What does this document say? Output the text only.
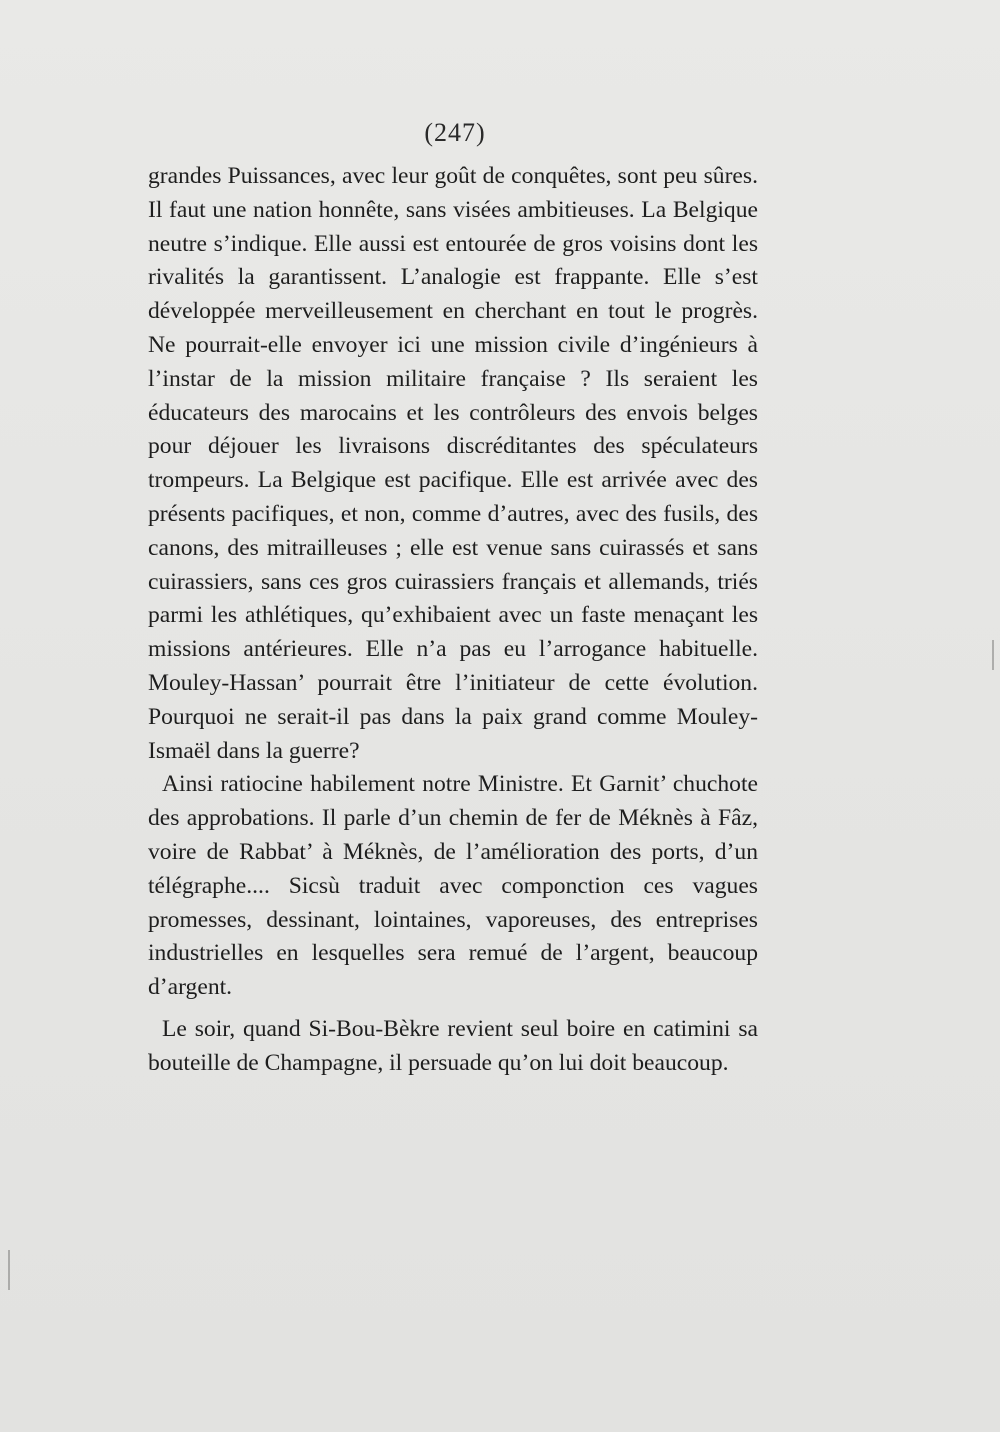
(247)

grandes Puissances, avec leur goût de conquêtes, sont peu sûres. Il faut une nation honnête, sans visées ambitieuses. La Belgique neutre s’indique. Elle aussi est entourée de gros voisins dont les rivalités la garantissent. L’analogie est frappante. Elle s’est développée merveilleusement en cherchant en tout le progrès. Ne pourrait-elle envoyer ici une mission civile d’ingénieurs à l’instar de la mission militaire française ? Ils seraient les éducateurs des marocains et les contrôleurs des envois belges pour déjouer les livraisons discréditantes des spéculateurs trompeurs. La Belgique est pacifique. Elle est arrivée avec des présents pacifiques, et non, comme d’autres, avec des fusils, des canons, des mitrailleuses ; elle est venue sans cuirassés et sans cuirassiers, sans ces gros cuirassiers français et allemands, triés parmi les athlétiques, qu’exhibaient avec un faste menaçant les missions antérieures. Elle n’a pas eu l’arrogance habituelle. Mouley-Hassan’ pourrait être l’initiateur de cette évolution. Pourquoi ne serait-il pas dans la paix grand comme Mouley-Ismaël dans la guerre?

Ainsi ratiocine habilement notre Ministre. Et Garnit’ chuchote des approbations. Il parle d’un chemin de fer de Méknès à Fâz, voire de Rabbat’ à Méknès, de l’amélioration des ports, d’un télégraphe.... Sicsù traduit avec componction ces vagues promesses, dessinant, lointaines, vaporeuses, des entreprises industrielles en lesquelles sera remué de l’argent, beaucoup d’argent.

Le soir, quand Si-Bou-Bèkre revient seul boire en catimini sa bouteille de Champagne, il persuade qu’on lui doit beaucoup.
